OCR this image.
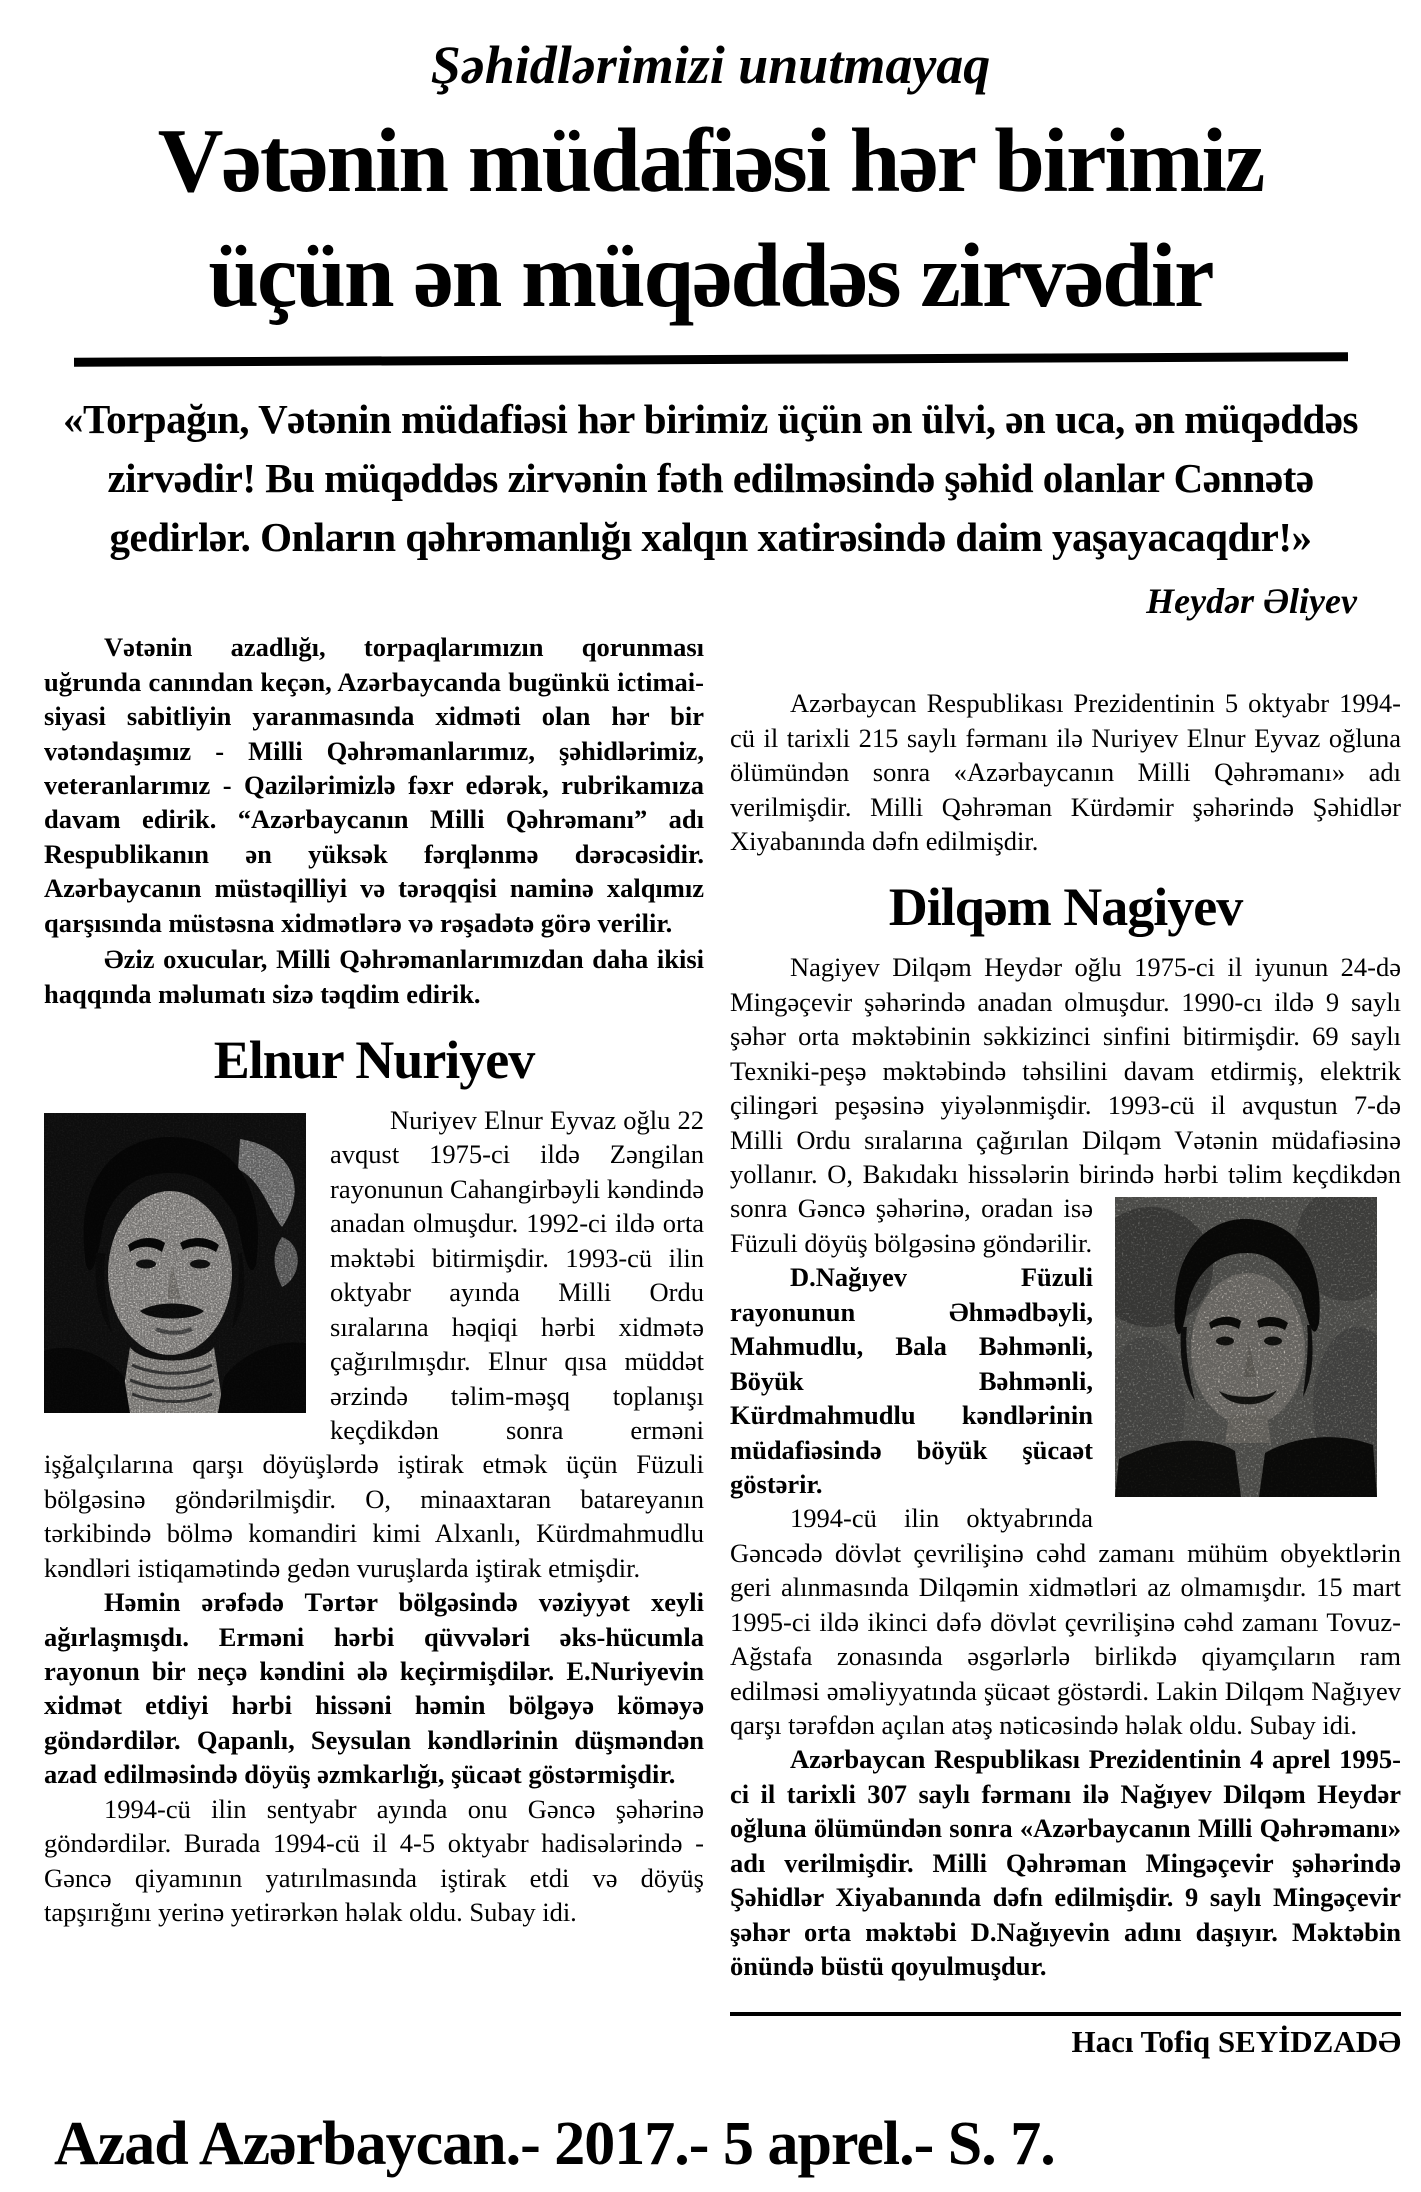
Şəhidlərimizi unutmayaq
Vətənin müdafiəsi hər birimiz
üçün ən müqəddəs zirvədir
«Torpağın, Vətənin müdafiəsi hər birimiz üçün ən ülvi, ən uca, ən müqəddəs zirvədir! Bu müqəddəs zirvənin fəth edilməsində şəhid olanlar Cənnətə gedirlər. Onların qəhrəmanlığı xalqın xatirəsində daim yaşayacaqdır!»
Heydər Əliyev

Vətənin azadlığı, torpaqlarımızın qorunması uğrunda canından keçən, Azərbaycanda bugünkü ictimai-siyasi sabitliyin yaranmasında xidməti olan hər bir vətəndaşımız - Milli Qəhrəmanlarımız, şəhidlərimiz, veteranlarımız - Qazilərimizlə fəxr edərək, rubrikamıza davam edirik. “Azərbaycanın Milli Qəhrəmanı” adı Respublikanın ən yüksək fərqlənmə dərəcəsidir. Azərbaycanın müstəqilliyi və tərəqqisi naminə xalqımız qarşısında müstəsna xidmətlərə və rəşadətə görə verilir.

Əziz oxucular, Milli Qəhrəmanlarımızdan daha ikisi haqqında məlumatı sizə təqdim edirik.

Elnur Nuriyev

Nuriyev Elnur Eyvaz oğlu 22 avqust 1975-ci ildə Zəngilan rayonunun Cahangirbəyli kəndində anadan olmuşdur. 1992-ci ildə orta məktəbi bitirmişdir. 1993-cü ilin oktyabr ayında Milli Ordu sıralarına həqiqi hərbi xidmətə çağırılmışdır. Elnur qısa müddət ərzində təlim-məşq toplanışı keçdikdən sonra erməni işğalçılarına qarşı döyüşlərdə iştirak etmək üçün Füzuli bölgəsinə göndərilmişdir. O, minaaxtaran batareyanın tərkibində bölmə komandiri kimi Alxanlı, Kürdmahmudlu kəndləri istiqamətində gedən vuruşlarda iştirak etmişdir.

Həmin ərəfədə Tərtər bölgəsində vəziyyət xeyli ağırlaşmışdı. Erməni hərbi qüvvələri əks-hücumla rayonun bir neçə kəndini ələ keçirmişdilər. E.Nuriyevin xidmət etdiyi hərbi hissəni həmin bölgəyə köməyə göndərdilər. Qapanlı, Seysulan kəndlərinin düşməndən azad edilməsində döyüş əzmkarlığı, şücaət göstərmişdir.

1994-cü ilin sentyabr ayında onu Gəncə şəhərinə göndərdilər. Burada 1994-cü il 4-5 oktyabr hadisələrində - Gəncə qiyamının yatırılmasında iştirak etdi və döyüş tapşırığını yerinə yetirərkən həlak oldu. Subay idi.

Azərbaycan Respublikası Prezidentinin 5 oktyabr 1994-cü il tarixli 215 saylı fərmanı ilə Nuriyev Elnur Eyvaz oğluna ölümündən sonra «Azərbaycanın Milli Qəhrəmanı» adı verilmişdir. Milli Qəhrəman Kürdəmir şəhərində Şəhidlər Xiyabanında dəfn edilmişdir.

Dilqəm Nagiyev

Nagiyev Dilqəm Heydər oğlu 1975-ci il iyunun 24-də Mingəçevir şəhərində anadan olmuşdur. 1990-cı ildə 9 saylı şəhər orta məktəbinin səkkizinci sinfini bitirmişdir. 69 saylı Texniki-peşə məktəbində təhsilini davam etdirmiş, elektrik çilingəri peşəsinə yiyələnmişdir. 1993-cü il avqustun 7-də Milli Ordu sıralarına çağırılan Dilqəm Vətənin müdafiəsinə yollanır. O, Bakıdakı hissələrin birində hərbi təlim keçdikdən
sonra Gəncə şəhərinə, oradan isə Füzuli döyüş bölgəsinə göndərilir.

D.Nağıyev Füzuli rayonunun Əhmədbəyli, Mahmudlu, Bala Bəhmənli, Böyük Bəhmənli, Kürdmahmudlu kəndlərinin müdafiəsində böyük şücaət göstərir.

1994-cü ilin oktyabrında Gəncədə dövlət çevrilişinə cəhd zamanı mühüm obyektlərin geri alınmasında Dilqəmin xidmətləri az olmamışdır. 15 mart 1995-ci ildə ikinci dəfə dövlət çevrilişinə cəhd zamanı Tovuz-Ağstafa zonasında əsgərlərlə birlikdə qiyamçıların ram edilməsi əməliyyatında şücaət göstərdi. Lakin Dilqəm Nağıyev qarşı tərəfdən açılan atəş nəticəsində həlak oldu. Subay idi.

Azərbaycan Respublikası Prezidentinin 4 aprel 1995-ci il tarixli 307 saylı fərmanı ilə Nağıyev Dilqəm Heydər oğluna ölümündən sonra «Azərbaycanın Milli Qəhrəmanı» adı verilmişdir. Milli Qəhrəman Mingəçevir şəhərində Şəhidlər Xiyabanında dəfn edilmişdir. 9 saylı Mingəçevir şəhər orta məktəbi D.Nağıyevin adını daşıyır. Məktəbin önündə büstü qoyulmuşdur.

Hacı Tofiq SEYİDZADƏ
Azad Azərbaycan.- 2017.- 5 aprel.- S. 7.
